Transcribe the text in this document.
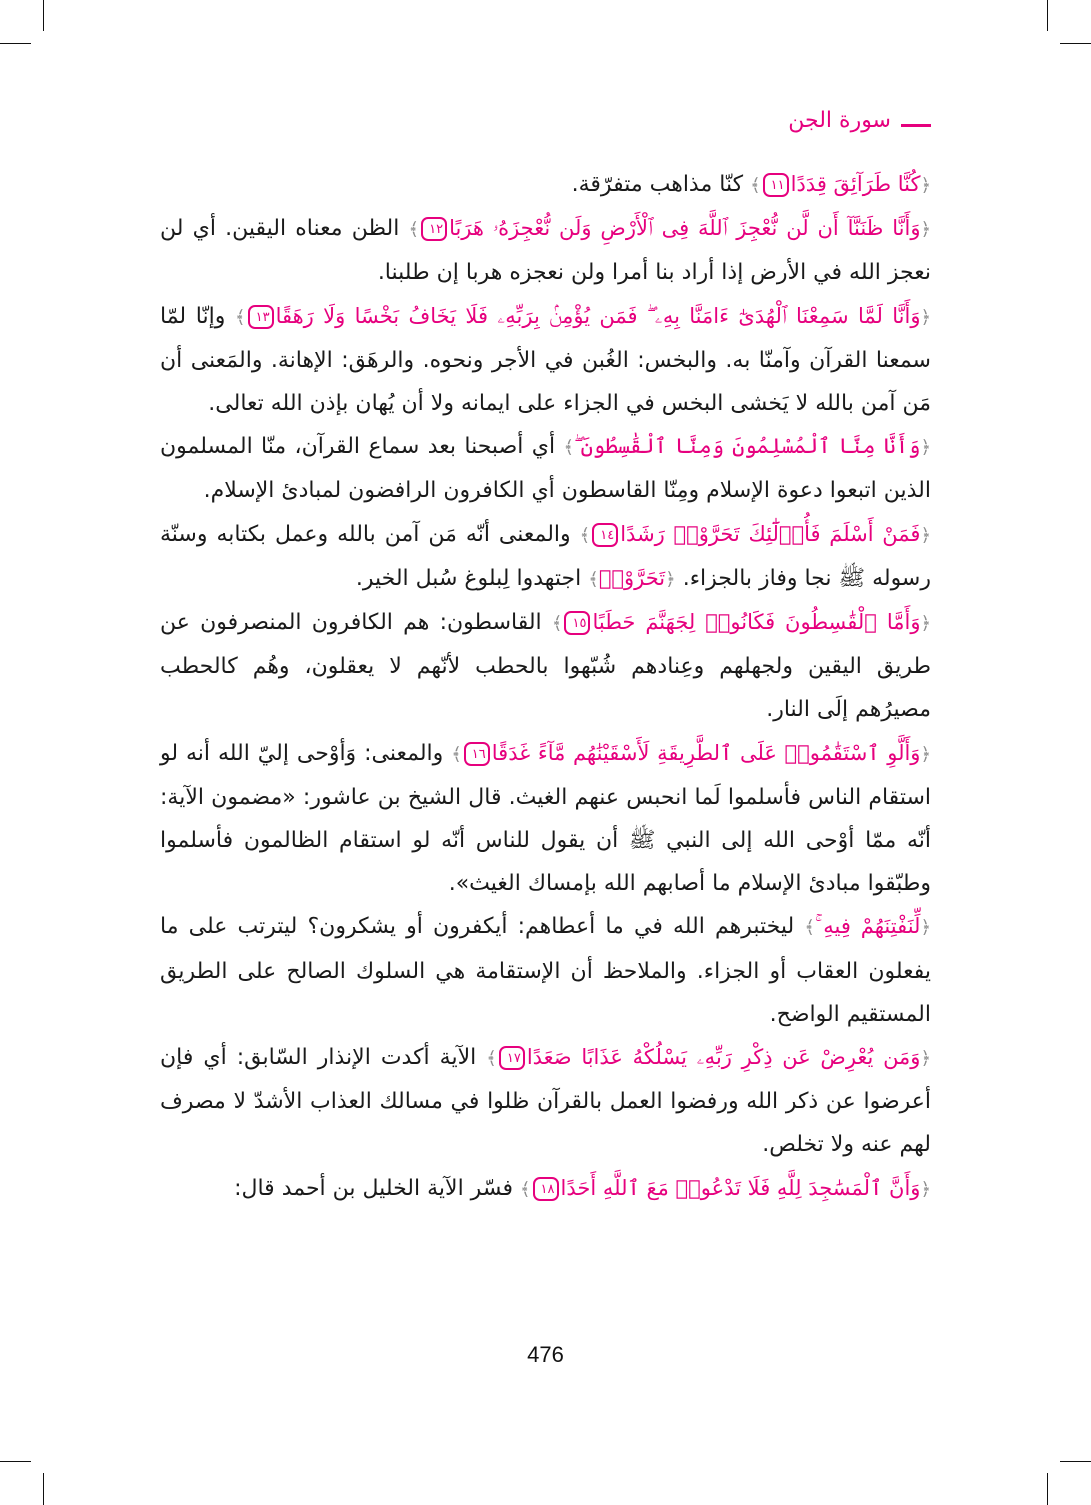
سورة الجن

﴿كُنَّا طَرَآئِقَ قِدَدًا١١﴾ كنّا مذاهب متفرّقة.

﴿وَأَنَّا ظَنَنَّآ أَن لَّن نُّعْجِزَ ٱللَّهَ فِى ٱلْأَرْضِ وَلَن نُّعْجِزَهُۥ هَرَبًا١٢﴾ الظن معناه اليقين. أي لن نعجز الله في الأرض إذا أراد بنا أمرا ولن نعجزه هربا إن طلبنا.

﴿وَأَنَّا لَمَّا سَمِعْنَا ٱلْهُدَىٰٓ ءَامَنَّا بِهِۦ ۖ فَمَن يُؤْمِنۢ بِرَبِّهِۦ فَلَا يَخَافُ بَخْسًا وَلَا رَهَقًا١٣﴾ وإنّا لمّا سمعنا القرآن وآمنّا به. والبخس: الغُبن في الأجر ونحوه. والرهَق: الإهانة. والمَعنى أن مَن آمن بالله لا يَخشى البخس في الجزاء على ايمانه ولا أن يُهان بإذن الله تعالى.

﴿وَأَنَّا مِنَّا ٱلْمُسْلِمُونَ وَمِنَّا ٱلْقَٰسِطُونَ ۖ﴾ أي أصبحنا بعد سماع القرآن، منّا المسلمون الذين اتبعوا دعوة الإسلام ومِنّا القاسطون أي الكافرون الرافضون لمبادئ الإسلام.

﴿فَمَنْ أَسْلَمَ فَأُو۟لَٰٓئِكَ تَحَرَّوْا۟ رَشَدًا١٤﴾ والمعنى أنّه مَن آمن بالله وعمل بكتابه وسنّة رسوله ﷺ نجا وفاز بالجزاء. ﴿تَحَرَّوْا۟﴾ اجتهدوا لِبلوغ سُبل الخير.

﴿وَأَمَّا ٱلْقَٰسِطُونَ فَكَانُوا۟ لِجَهَنَّمَ حَطَبًا١٥﴾ القاسطون: هم الكافرون المنصرفون عن طريق اليقين ولجهلهم وعِنادهم شُبّهوا بالحطب لأنّهم لا يعقلون، وهُم كالحطب مصيرُهم إلَى النار.

﴿وَأَلَّوِ ٱسْتَقَٰمُوا۟ عَلَى ٱلطَّرِيقَةِ لَأَسْقَيْنَٰهُم مَّآءً غَدَقًا١٦﴾ والمعنى: وَأوْحى إليّ الله أنه لو استقام الناس فأسلموا لَما انحبس عنهم الغيث. قال الشيخ بن عاشور: «مضمون الآية: أنّه ممّا أوْحى الله إلى النبي ﷺ أن يقول للناس أنّه لو استقام الظالمون فأسلموا وطبّقوا مبادئ الإسلام ما أصابهم الله بإمساك الغيث».

﴿لِّنَفْتِنَهُمْ فِيهِ ۚ﴾ ليختبرهم الله في ما أعطاهم: أيكفرون أو يشكرون؟ ليترتب على ما يفعلون العقاب أو الجزاء. والملاحظ أن الإستقامة هي السلوك الصالح على الطريق المستقيم الواضح.

﴿وَمَن يُعْرِضْ عَن ذِكْرِ رَبِّهِۦ يَسْلُكْهُ عَذَابًا صَعَدًا١٧﴾ الآية أكدت الإنذار السّابق: أي فإن أعرضوا عن ذكر الله ورفضوا العمل بالقرآن ظلوا في مسالك العذاب الأشدّ لا مصرف لهم عنه ولا تخلص.

﴿وَأَنَّ ٱلْمَسَٰجِدَ لِلَّهِ فَلَا تَدْعُوا۟ مَعَ ٱللَّهِ أَحَدًا١٨﴾ فسّر الآية الخليل بن أحمد قال:

476
